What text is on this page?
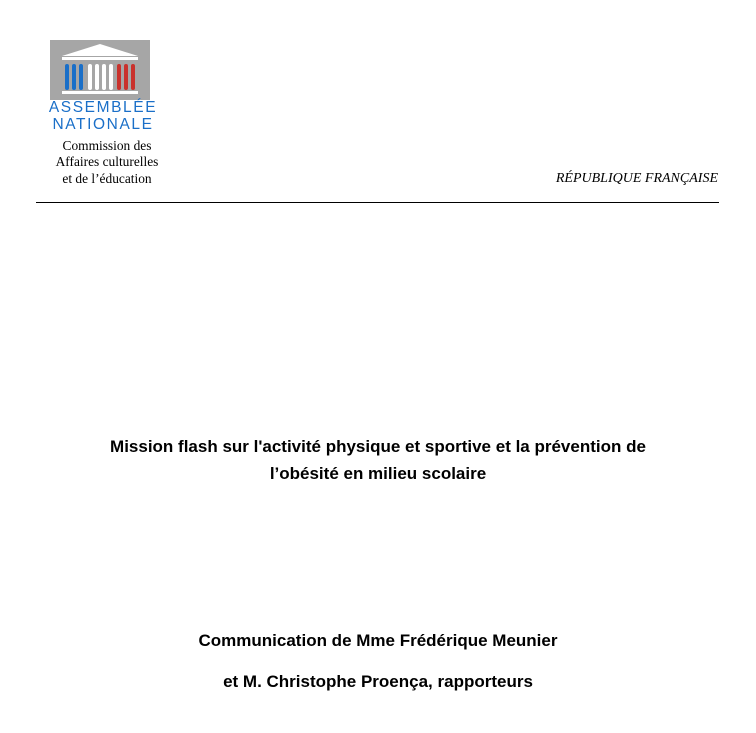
ASSEMBLÉE
NATIONALE
Commission des
Affaires culturelles
et de l’éducation	RÉPUBLIQUE FRANÇAISE
Mission flash sur l'activité physique et sportive et la prévention de
l’obésité en milieu scolaire
Communication de Mme Frédérique Meunier
et M. Christophe Proença, rapporteurs
